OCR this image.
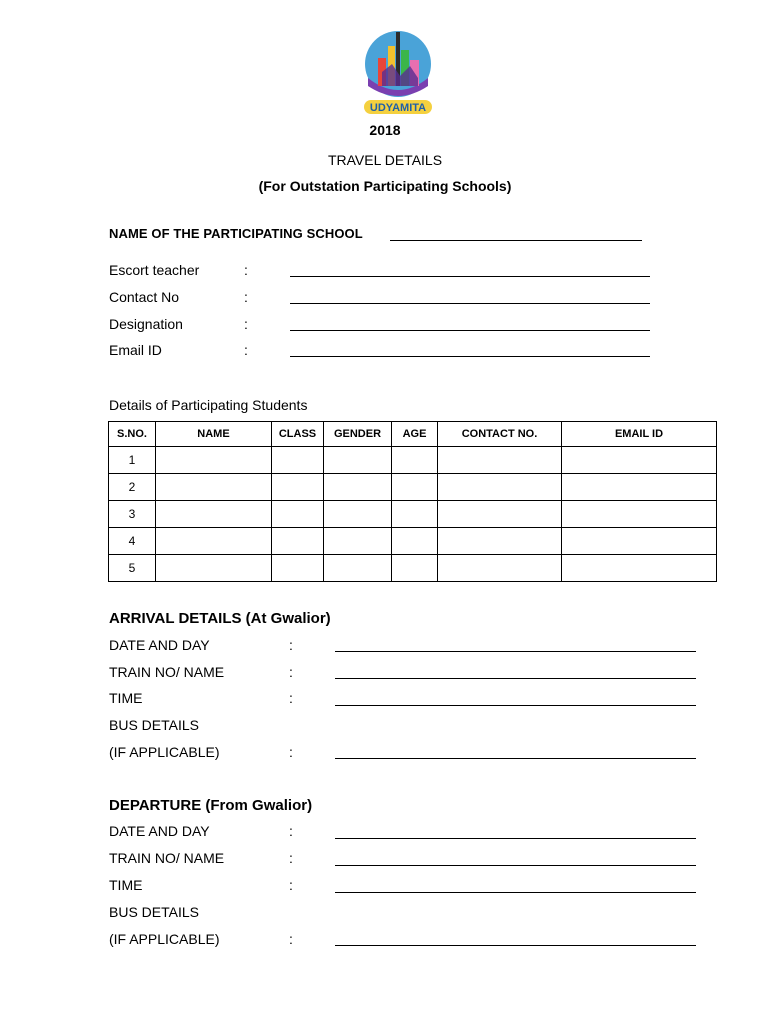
UDYAMITA
2018
TRAVEL DETAILS
(For Outstation Participating Schools)
NAME OF THE PARTICIPATING SCHOOL
Escort teacher	:
Contact No	:
Designation	:
Email ID	:
Details of Participating Students
S.NO.	NAME	CLASS	GENDER	AGE	CONTACT NO.	EMAIL ID
1						
2						
3						
4						
5						
ARRIVAL DETAILS (At Gwalior)
DATE AND DAY	:
TRAIN NO/ NAME	:
TIME	:
BUS DETAILS
(IF APPLICABLE)	:
DEPARTURE (From Gwalior)
DATE AND DAY	:
TRAIN NO/ NAME	:
TIME	:
BUS DETAILS
(IF APPLICABLE)	:
